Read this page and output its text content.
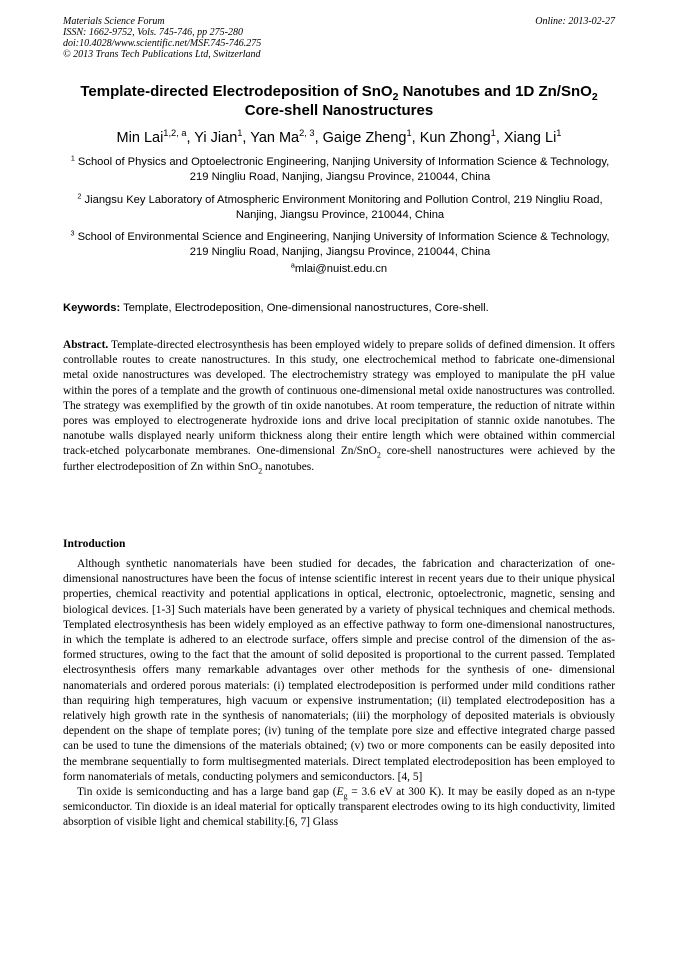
Materials Science Forum
ISSN: 1662-9752, Vols. 745-746, pp 275-280
doi:10.4028/www.scientific.net/MSF.745-746.275
© 2013 Trans Tech Publications Ltd, Switzerland
Online: 2013-02-27
Template-directed Electrodeposition of SnO$_2$ Nanotubes and 1D Zn/SnO$_2$
Core-shell Nanostructures
Min Lai$^{1,2, a}$, Yi Jian$^1$, Yan Ma$^{2, 3}$, Gaige Zheng$^1$, Kun Zhong$^1$, Xiang Li$^1$
$^1$ School of Physics and Optoelectronic Engineering, Nanjing University of Information Science & Technology, 219 Ningliu Road, Nanjing, Jiangsu Province, 210044, China
$^2$ Jiangsu Key Laboratory of Atmospheric Environment Monitoring and Pollution Control, 219 Ningliu Road, Nanjing, Jiangsu Province, 210044, China
$^3$ School of Environmental Science and Engineering, Nanjing University of Information Science & Technology, 219 Ningliu Road, Nanjing, Jiangsu Province, 210044, China
$^a$mlai@nuist.edu.cn
Keywords: Template, Electrodeposition, One-dimensional nanostructures, Core-shell.
Abstract. Template-directed electrosynthesis has been employed widely to prepare solids of defined dimension. It offers controllable routes to create nanostructures. In this study, one electrochemical method to fabricate one-dimensional metal oxide nanostructures was developed. The electrochemistry strategy was employed to manipulate the pH value within the pores of a template and the growth of continuous one-dimensional metal oxide nanostructures was controlled. The strategy was exemplified by the growth of tin oxide nanotubes. At room temperature, the reduction of nitrate within pores was employed to electrogenerate hydroxide ions and drive local precipitation of stannic oxide nanotubes. The nanotube walls displayed nearly uniform thickness along their entire length which were obtained within commercial track-etched polycarbonate membranes. One-dimensional Zn/SnO$_2$ core-shell nanostructures were achieved by the further electrodeposition of Zn within SnO$_2$ nanotubes.
Introduction

Although synthetic nanomaterials have been studied for decades, the fabrication and characterization of one-dimensional nanostructures have been the focus of intense scientific interest in recent years due to their unique physical properties, chemical reactivity and potential applications in optical, electronic, optoelectronic, magnetic, sensing and biological devices. [1-3] Such materials have been generated by a variety of physical techniques and chemical methods. Templated electrosynthesis has been widely employed as an effective pathway to form one-dimensional nanostructures, in which the template is adhered to an electrode surface, offers simple and precise control of the dimension of the as-formed structures, owing to the fact that the amount of solid deposited is proportional to the current passed. Templated electrosynthesis offers many remarkable advantages over other methods for the synthesis of one- dimensional nanomaterials and ordered porous materials: (i) templated electrodeposition is performed under mild conditions rather than requiring high temperatures, high vacuum or expensive instrumentation; (ii) templated electrodeposition has a relatively high growth rate in the synthesis of nanomaterials; (iii) the morphology of deposited materials is obviously dependent on the shape of template pores; (iv) tuning of the template pore size and effective integrated charge passed can be used to tune the dimensions of the materials obtained; (v) two or more components can be easily deposited into the membrane sequentially to form multisegmented materials. Direct templated electrodeposition has been employed to form nanomaterials of metals, conducting polymers and semiconductors. [4, 5]

Tin oxide is semiconducting and has a large band gap ($E_g = 3.6$ eV at 300 K). It may be easily doped as an n-type semiconductor. Tin dioxide is an ideal material for optically transparent electrodes owing to its high conductivity, limited absorption of visible light and chemical stability.[6, 7] Glass
